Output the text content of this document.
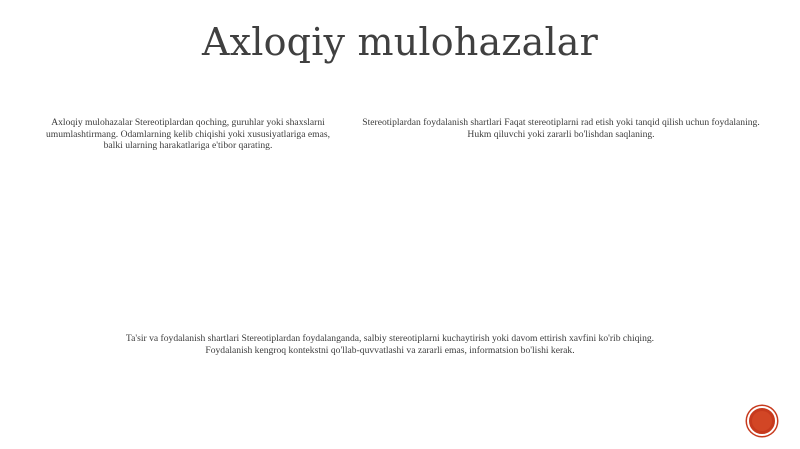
Axloqiy mulohazalar
Axloqiy mulohazalar Stereotiplardan qoching, guruhlar yoki shaxslarni umumlashtirmang. Odamlarning kelib chiqishi yoki xususiyatlariga emas, balki ularning harakatlariga e'tibor qarating.
Stereotiplardan foydalanish shartlari Faqat stereotiplarni rad etish yoki tanqid qilish uchun foydalaning. Hukm qiluvchi yoki zararli bo'lishdan saqlaning.
Ta'sir va foydalanish shartlari Stereotiplardan foydalanganda, salbiy stereotiplarni kuchaytirish yoki davom ettirish xavfini ko'rib chiqing. Foydalanish kengroq kontekstni qo'llab-quvvatlashi va zararli emas, informatsion bo'lishi kerak.
